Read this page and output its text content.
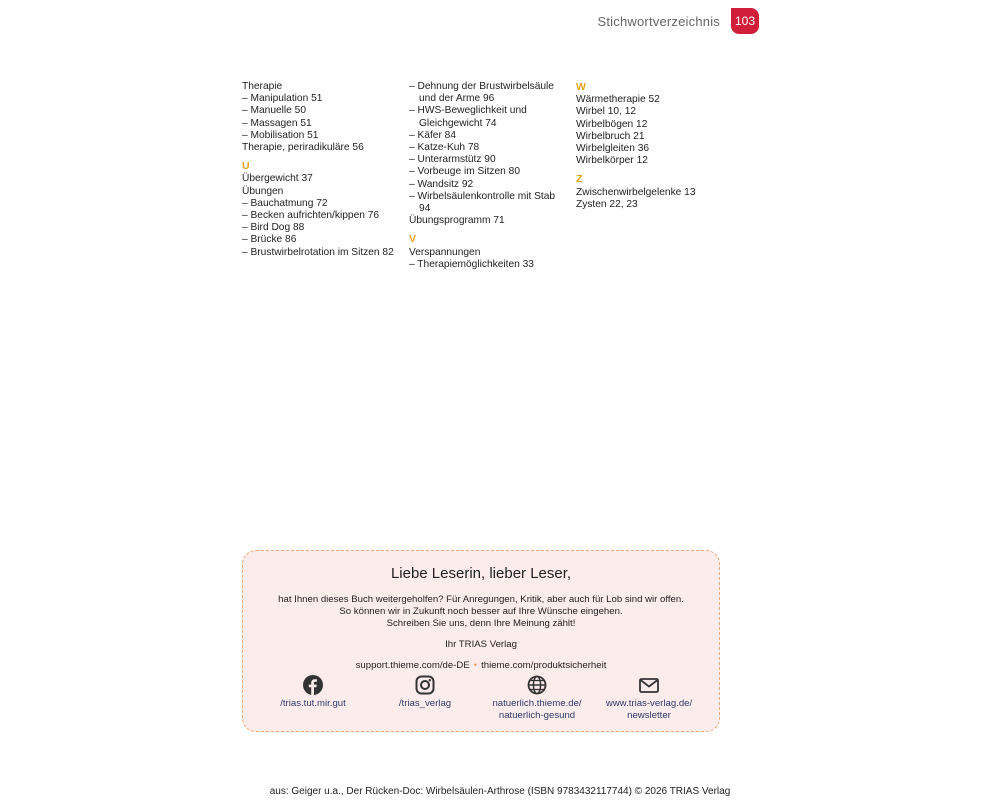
Stichwortverzeichnis	103
Therapie
– Manipulation 51
– Manuelle 50
– Massagen 51
– Mobilisation 51
Therapie, periradikuläre 56
U
Übergewicht 37
Übungen
– Bauchatmung 72
– Becken aufrichten/kippen 76
– Bird Dog 88
– Brücke 86
– Brustwirbelrotation im Sitzen 82
– Dehnung der Brustwirbelsäule und der Arme 96
– HWS-Beweglichkeit und Gleichgewicht 74
– Käfer 84
– Katze-Kuh 78
– Unterarmstütz 90
– Vorbeuge im Sitzen 80
– Wandsitz 92
– Wirbelsäulenkontrolle mit Stab 94
Übungsprogramm 71
V
Verspannungen
– Therapiemöglichkeiten 33
W
Wärmetherapie 52
Wirbel 10, 12
Wirbelbögen 12
Wirbelbruch 21
Wirbelgleiten 36
Wirbelkörper 12
Z
Zwischenwirbelgelenke 13
Zysten 22, 23
Liebe Leserin, lieber Leser,

hat Ihnen dieses Buch weitergeholfen? Für Anregungen, Kritik, aber auch für Lob sind wir offen.

So können wir in Zukunft noch besser auf Ihre Wünsche eingehen.

Schreiben Sie uns, denn Ihre Meinung zählt!

Ihr TRIAS Verlag

support.thieme.com/de-DE • thieme.com/produktsicherheit

/trias.tut.mir.gut	/trias_verlag	natuerlich.thieme.de/
natuerlich-gesund
www.trias-verlag.de/
newsletter
aus: Geiger u.a., Der Rücken-Doc: Wirbelsäulen-Arthrose (ISBN 9783432117744) © 2026 TRIAS Verlag
